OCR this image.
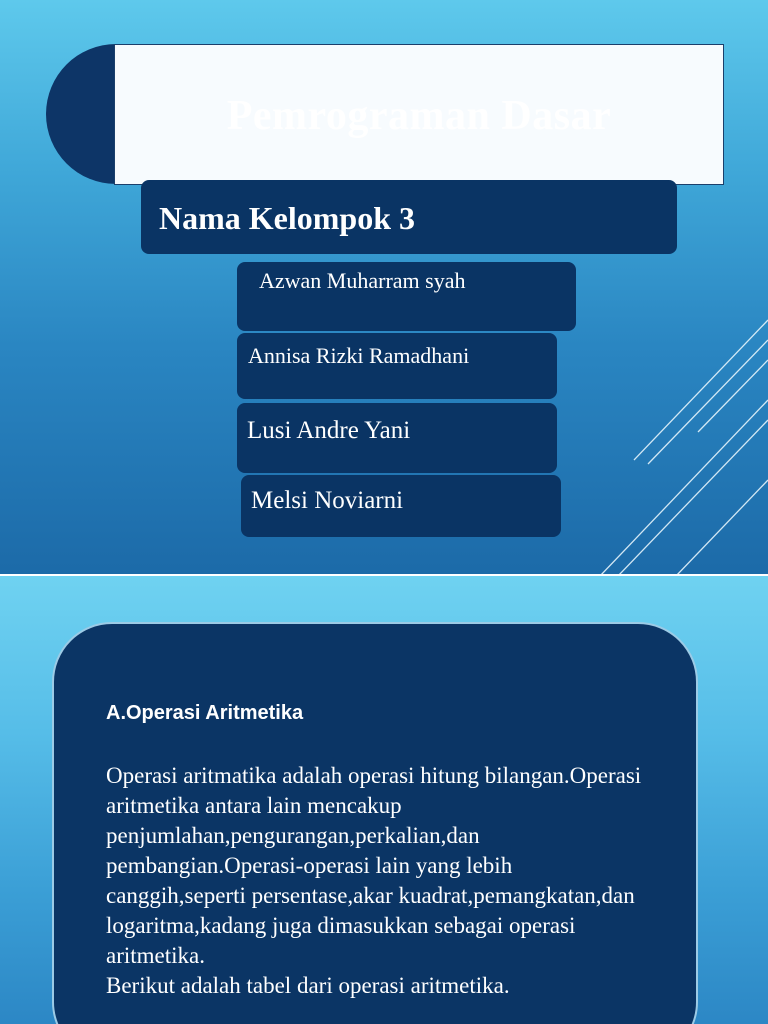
Pemrograman Dasar
Nama Kelompok 3
Azwan Muharram syah
Annisa Rizki Ramadhani
Lusi Andre Yani
Melsi Noviarni
A.Operasi Aritmetika
Operasi aritmatika adalah operasi hitung bilangan.Operasi aritmetika antara lain mencakup penjumlahan,pengurangan,perkalian,dan pembangian.Operasi-operasi lain yang lebih canggih,seperti persentase,akar kuadrat,pemangkatan,dan logaritma,kadang juga dimasukkan sebagai operasi aritmetika.
Berikut adalah tabel dari operasi aritmetika.
